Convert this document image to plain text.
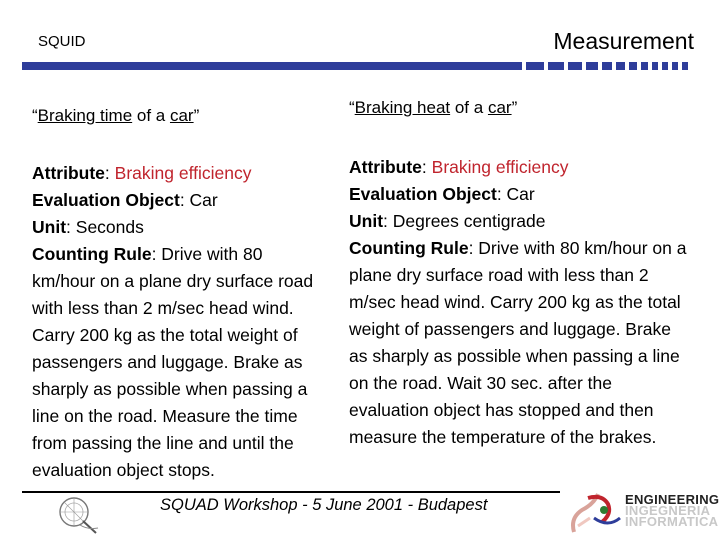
SQUID	Measurement
“Braking time of a car”
Attribute: Braking efficiency
Evaluation Object: Car
Unit: Seconds
Counting Rule: Drive with 80 km/hour on a plane dry surface road with less than 2 m/sec head wind. Carry 200 kg as the total weight of passengers and luggage. Brake as sharply as possible when passing a line on the road. Measure the time from passing the line and until the evaluation object stops.
“Braking heat of a car”
Attribute: Braking efficiency
Evaluation Object: Car
Unit: Degrees centigrade
Counting Rule: Drive with 80 km/hour on a plane dry surface road with less than 2 m/sec head wind. Carry 200 kg as the total weight of passengers and luggage. Brake as sharply as possible when passing a line on the road. Wait 30 sec. after the evaluation object has stopped and then measure the temperature of the brakes.
SQUAD Workshop - 5 June 2001 - Budapest	ENGINEERING
INGEGNERIA
INFORMATICA
